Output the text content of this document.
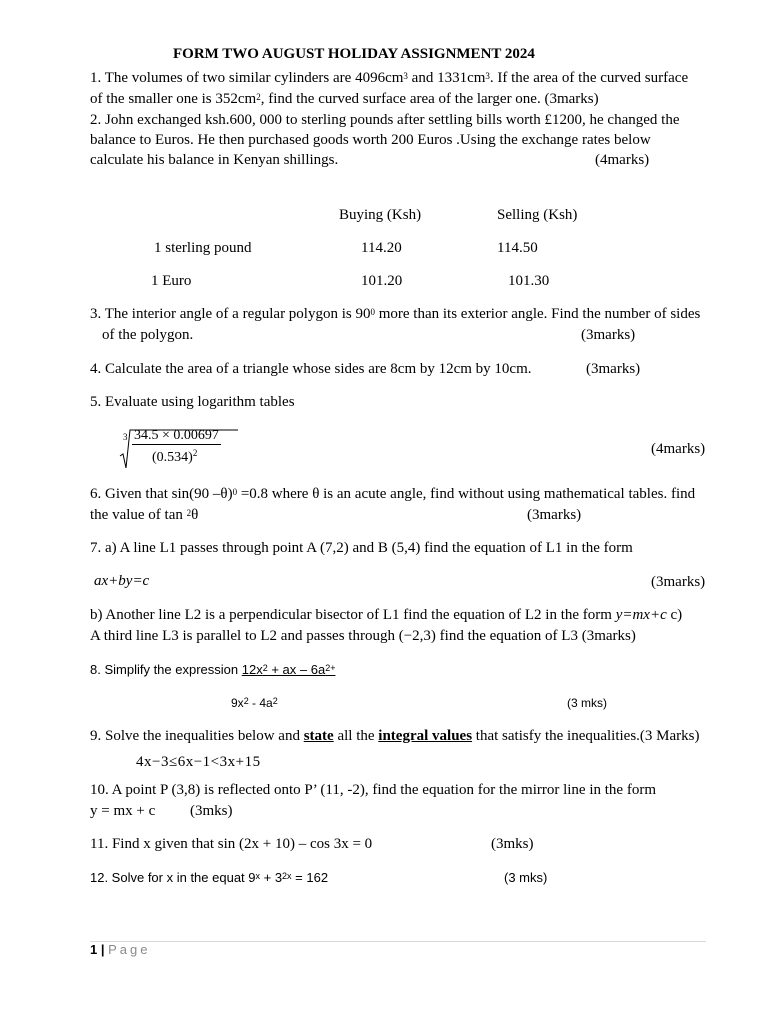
FORM TWO AUGUST HOLIDAY ASSIGNMENT 2024
1. The volumes of two similar cylinders are $4096cm^3$ and $1331cm^3$. If the area of the curved surface
of the smaller one is $352cm^2$, find the curved surface area of the larger one. (3marks)
2. John exchanged ksh.600, 000 to sterling pounds after settling bills worth £1200, he changed the
balance to Euros. He then purchased goods worth 200 Euros .Using the exchange rates below
calculate his balance in Kenyan shillings.	(4marks)
Buying (Ksh)	Selling (Ksh)
1 sterling pound	114.20	114.50
1 Euro	101.20	101.30
3. The interior angle of a regular polygon is $90^0$ more than its exterior angle. Find the number of sides
of the polygon.	(3marks)
4. Calculate the area of a triangle whose sides are 8cm by 12cm by 10cm.	(3marks)
5. Evaluate using logarithm tables
3 34.5 × 0.00697
$(0.534)^2$	(4marks)
6. Given that sin(90 –θ)$^0$ =0.8 where θ is an acute angle, find without using mathematical tables. find
the value of tan $^2$θ	(3marks)
7. a) A line L1 passes through point A (7,2) and B (5,4) find the equation of L1 in the form
ax+by=c	(3marks)
b) Another line L2 is a perpendicular bisector of L1 find the equation of L2 in the form y=mx+c c)
A third line L3 is parallel to L2 and passes through (−2,3) find the equation of L3 (3marks)
8. Simplify the expression $12x^2$ + ax – $6a^{2+}$
$9x^2 - 4a^2$	(3 mks)
9. Solve the inequalities below and state all the integral values that satisfy the inequalities.(3 Marks)
4x−3≤6x−1<3x+15
10. A point P (3,8) is reflected onto P’ (11, -2), find the equation for the mirror line in the form
y = mx + c (3mks)
11. Find x given that sin (2x + 10) – cos 3x = 0	(3mks)
12. Solve for x in the equat $9^x + 3^{2x} = 162$	(3 mks)
1 | Page
